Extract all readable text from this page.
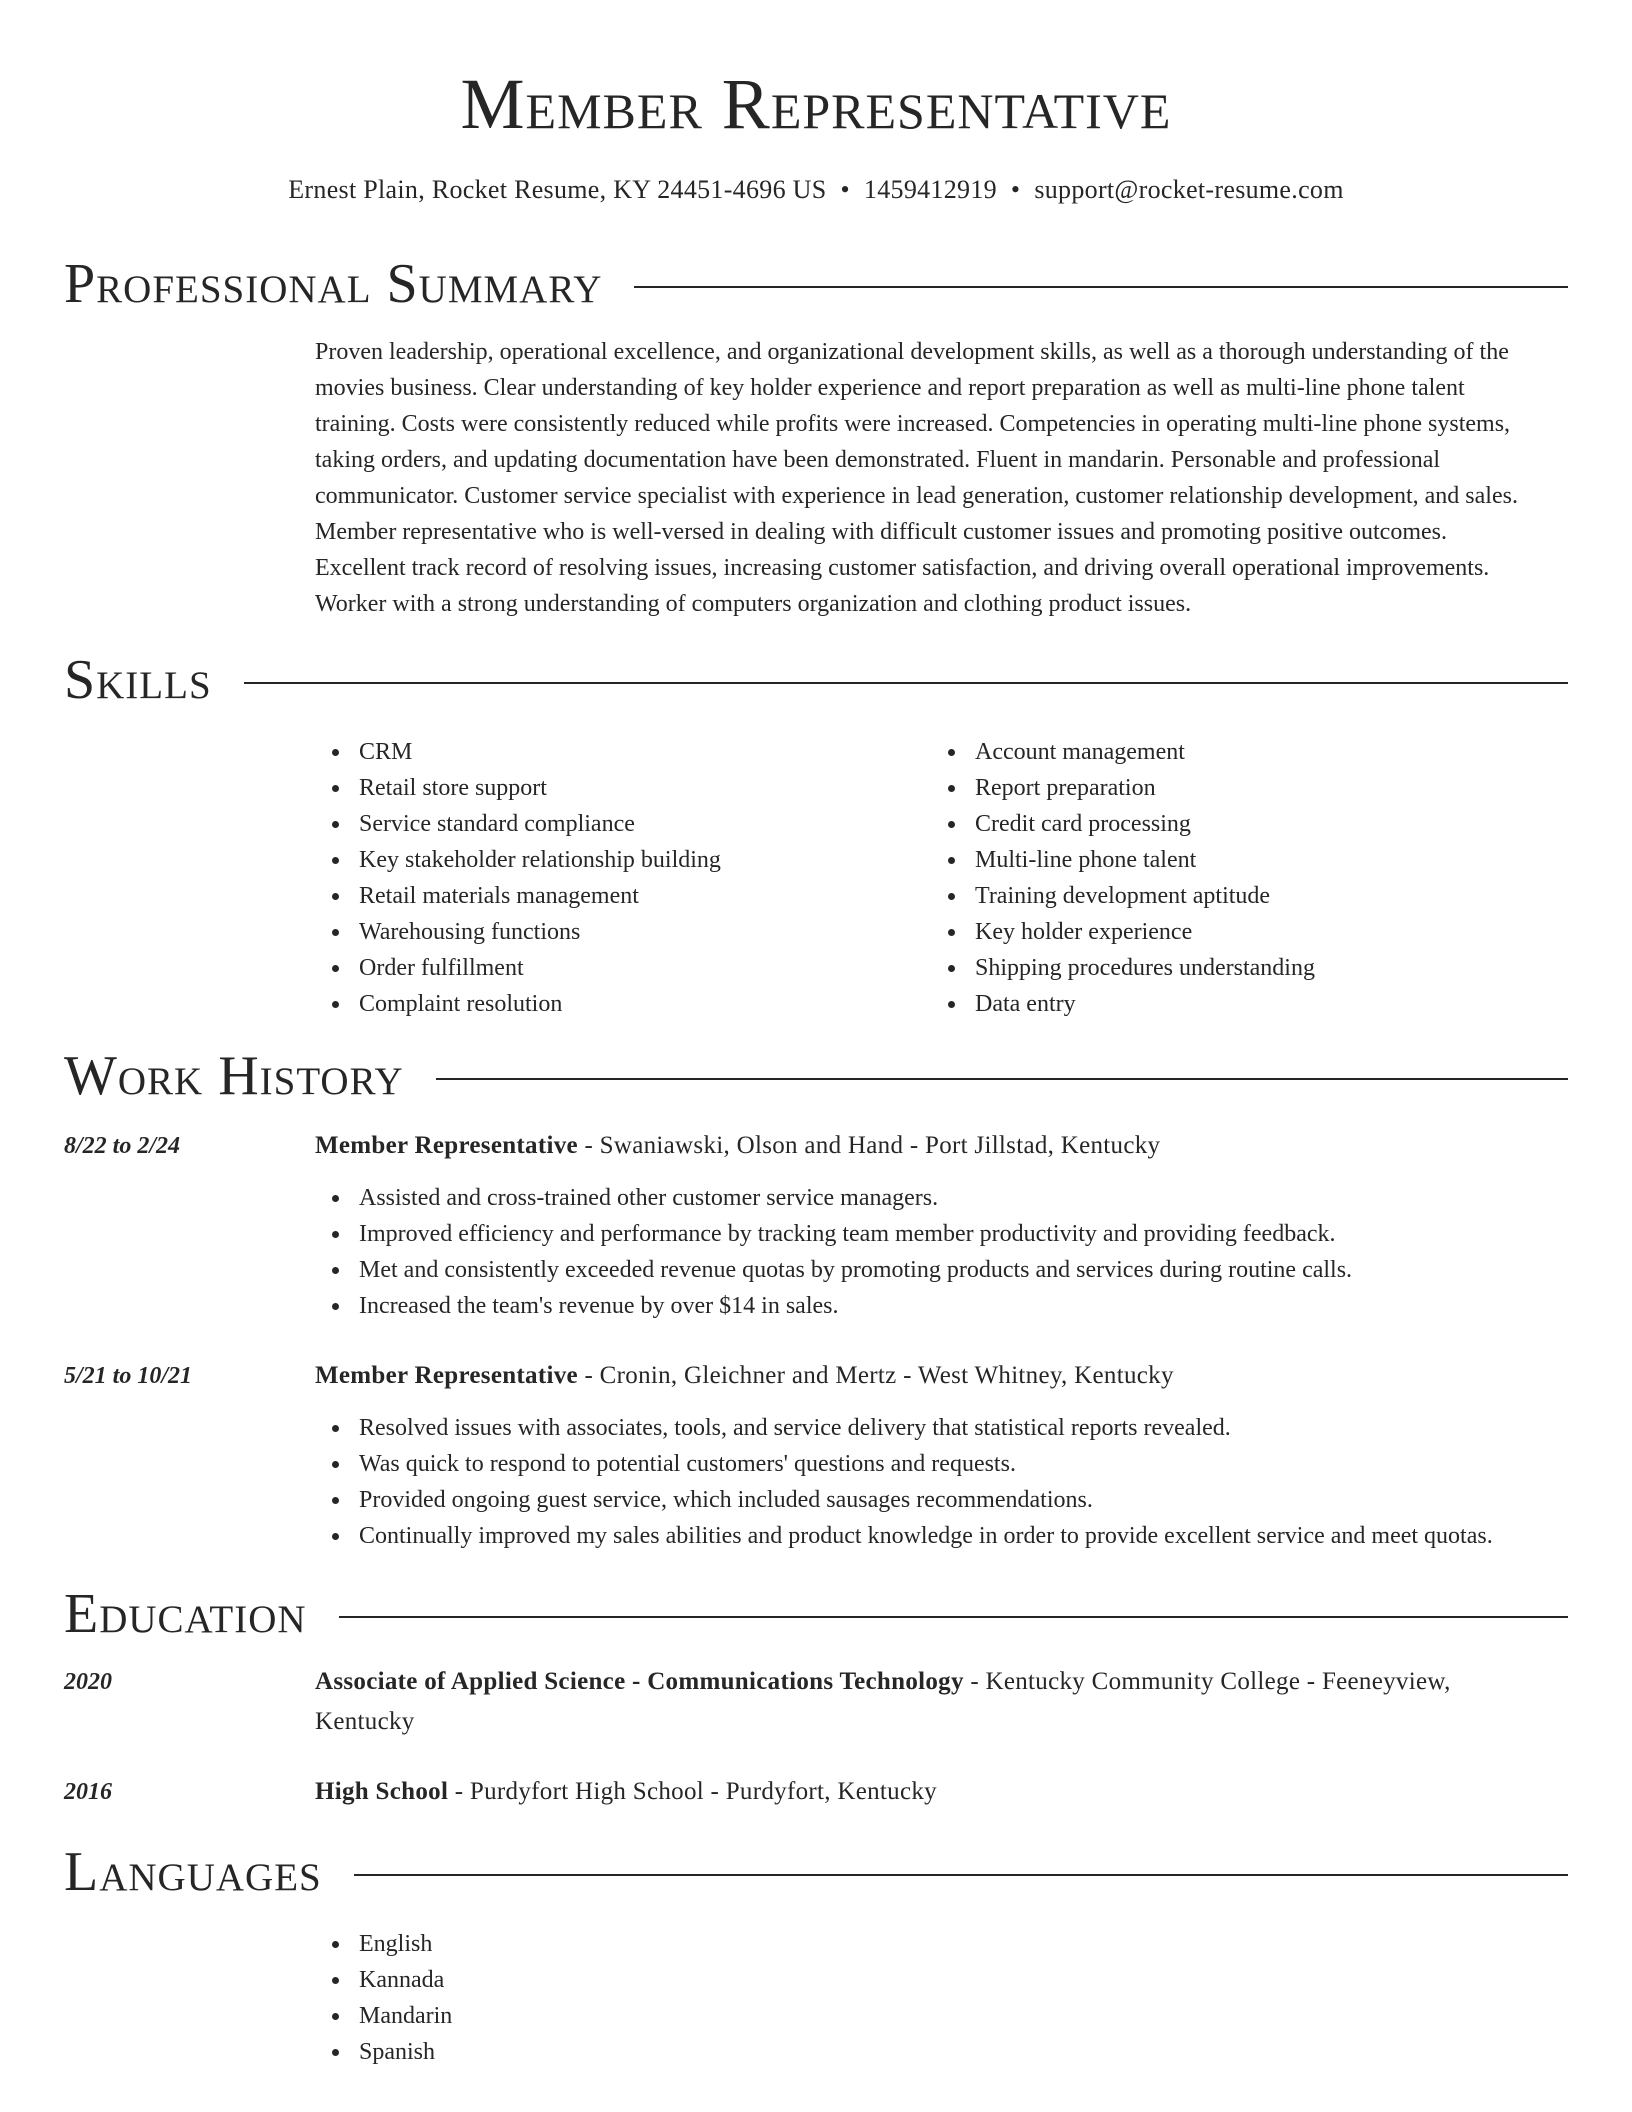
Member Representative
Ernest Plain, Rocket Resume, KY 24451-4696 US • 1459412919 • support@rocket-resume.com
Professional Summary
Proven leadership, operational excellence, and organizational development skills, as well as a thorough understanding of the
movies business. Clear understanding of key holder experience and report preparation as well as multi-line phone talent
training. Costs were consistently reduced while profits were increased. Competencies in operating multi-line phone systems,
taking orders, and updating documentation have been demonstrated. Fluent in mandarin. Personable and professional
communicator. Customer service specialist with experience in lead generation, customer relationship development, and sales.
Member representative who is well-versed in dealing with difficult customer issues and promoting positive outcomes.
Excellent track record of resolving issues, increasing customer satisfaction, and driving overall operational improvements.
Worker with a strong understanding of computers organization and clothing product issues.
Skills
CRM
Retail store support
Service standard compliance
Key stakeholder relationship building
Retail materials management
Warehousing functions
Order fulfillment
Complaint resolution
Account management
Report preparation
Credit card processing
Multi-line phone talent
Training development aptitude
Key holder experience
Shipping procedures understanding
Data entry
Work History
8/22 to 2/24	Member Representative - Swaniawski, Olson and Hand - Port Jillstad, Kentucky
Assisted and cross-trained other customer service managers.
Improved efficiency and performance by tracking team member productivity and providing feedback.
Met and consistently exceeded revenue quotas by promoting products and services during routine calls.
Increased the team's revenue by over $14 in sales.
5/21 to 10/21	Member Representative - Cronin, Gleichner and Mertz - West Whitney, Kentucky
Resolved issues with associates, tools, and service delivery that statistical reports revealed.
Was quick to respond to potential customers' questions and requests.
Provided ongoing guest service, which included sausages recommendations.
Continually improved my sales abilities and product knowledge in order to provide excellent service and meet quotas.
Education
2020	Associate of Applied Science - Communications Technology - Kentucky Community College - Feeneyview,
Kentucky
2016	High School - Purdyfort High School - Purdyfort, Kentucky
Languages
English
Kannada
Mandarin
Spanish
